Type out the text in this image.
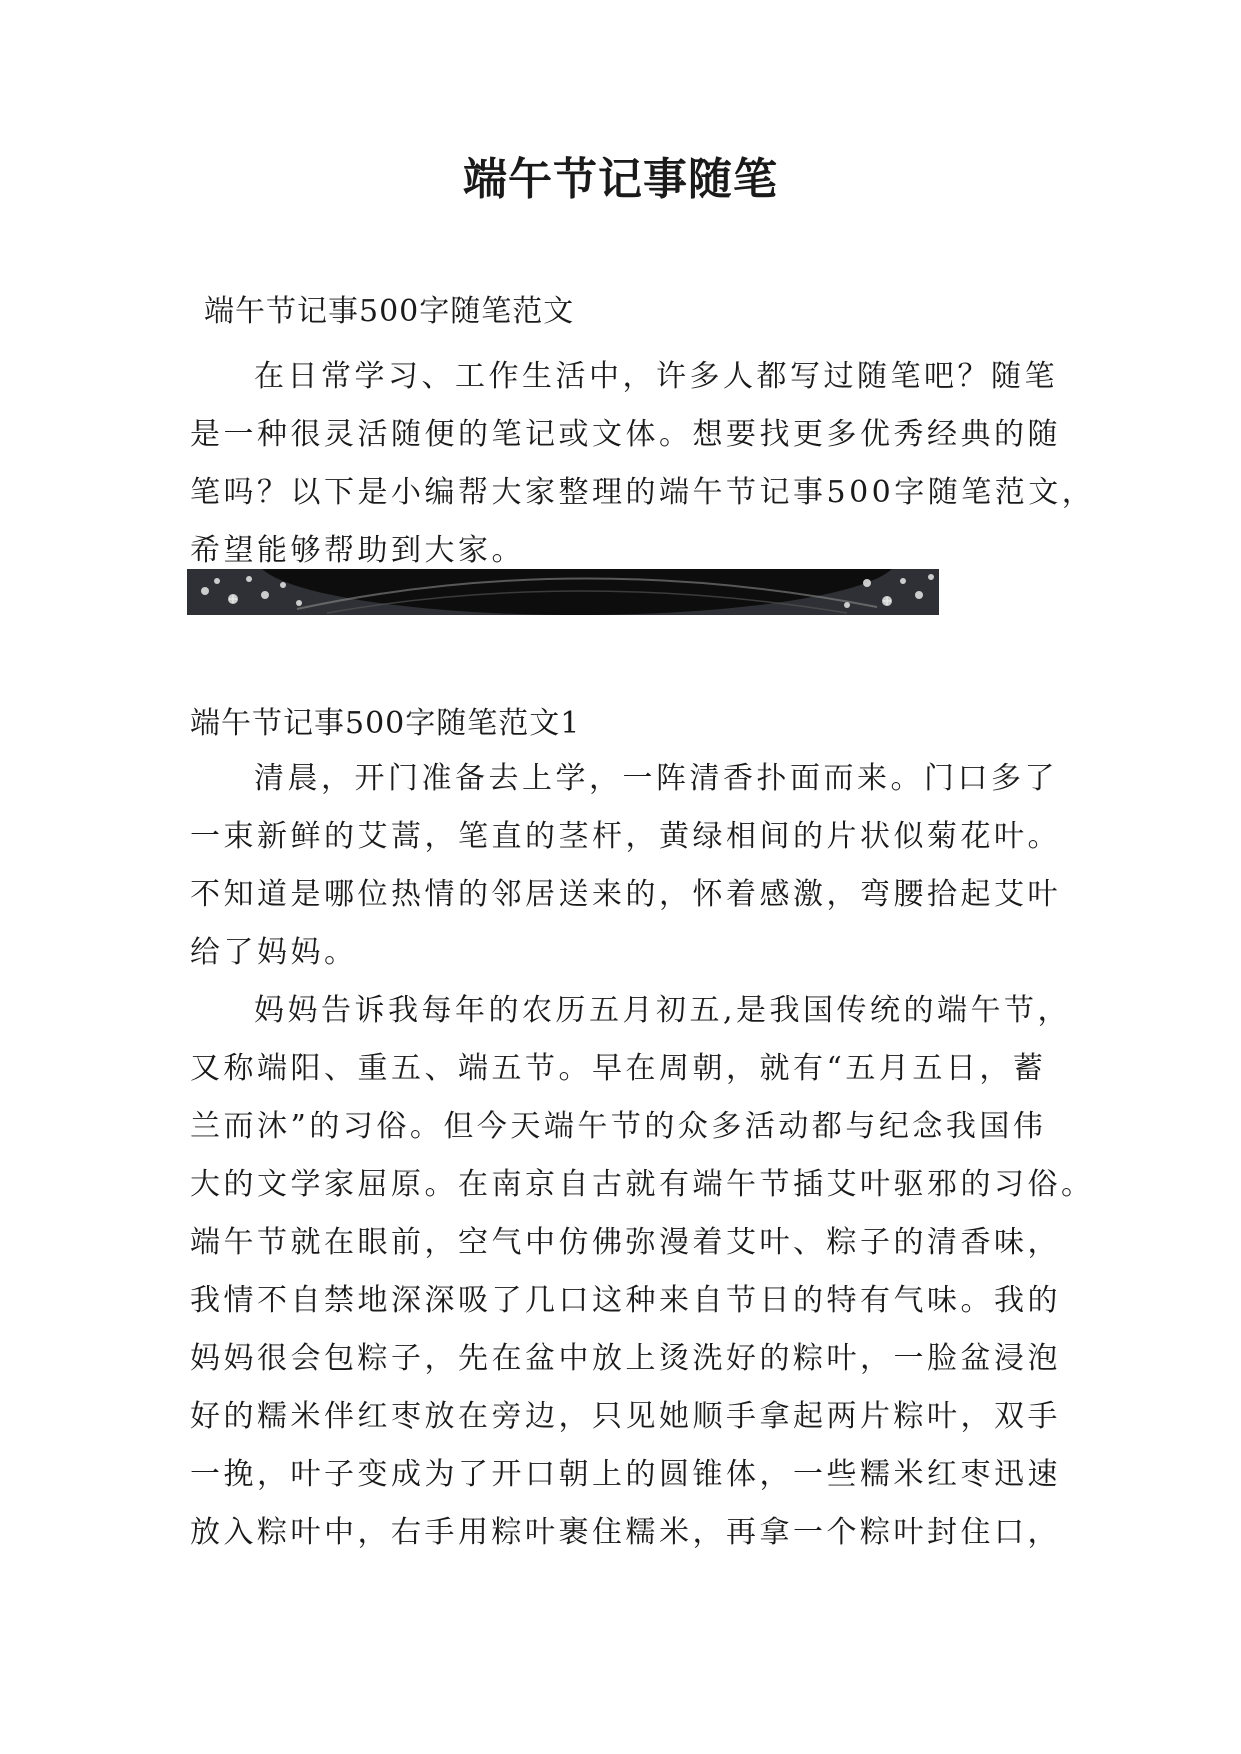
端午节记事随笔

端午节记事500字随笔范文

在日常学习、工作生活中，许多人都写过随笔吧？随笔
是一种很灵活随便的笔记或文体。想要找更多优秀经典的随
笔吗？以下是小编帮大家整理的端午节记事500字随笔范文，
希望能够帮助到大家。

端午节记事500字随笔范文1

清晨，开门准备去上学，一阵清香扑面而来。门口多了
一束新鲜的艾蒿，笔直的茎杆，黄绿相间的片状似菊花叶。
不知道是哪位热情的邻居送来的，怀着感激，弯腰拾起艾叶
给了妈妈。
妈妈告诉我每年的农历五月初五,是我国传统的端午节，
又称端阳、重五、端五节。早在周朝，就有“五月五日，蓄
兰而沐”的习俗。但今天端午节的众多活动都与纪念我国伟
大的文学家屈原。在南京自古就有端午节插艾叶驱邪的习俗。
端午节就在眼前，空气中仿佛弥漫着艾叶、粽子的清香味，
我情不自禁地深深吸了几口这种来自节日的特有气味。我的
妈妈很会包粽子，先在盆中放上烫洗好的粽叶，一脸盆浸泡
好的糯米伴红枣放在旁边，只见她顺手拿起两片粽叶，双手
一挽，叶子变成为了开口朝上的圆锥体，一些糯米红枣迅速
放入粽叶中，右手用粽叶裹住糯米，再拿一个粽叶封住口，
